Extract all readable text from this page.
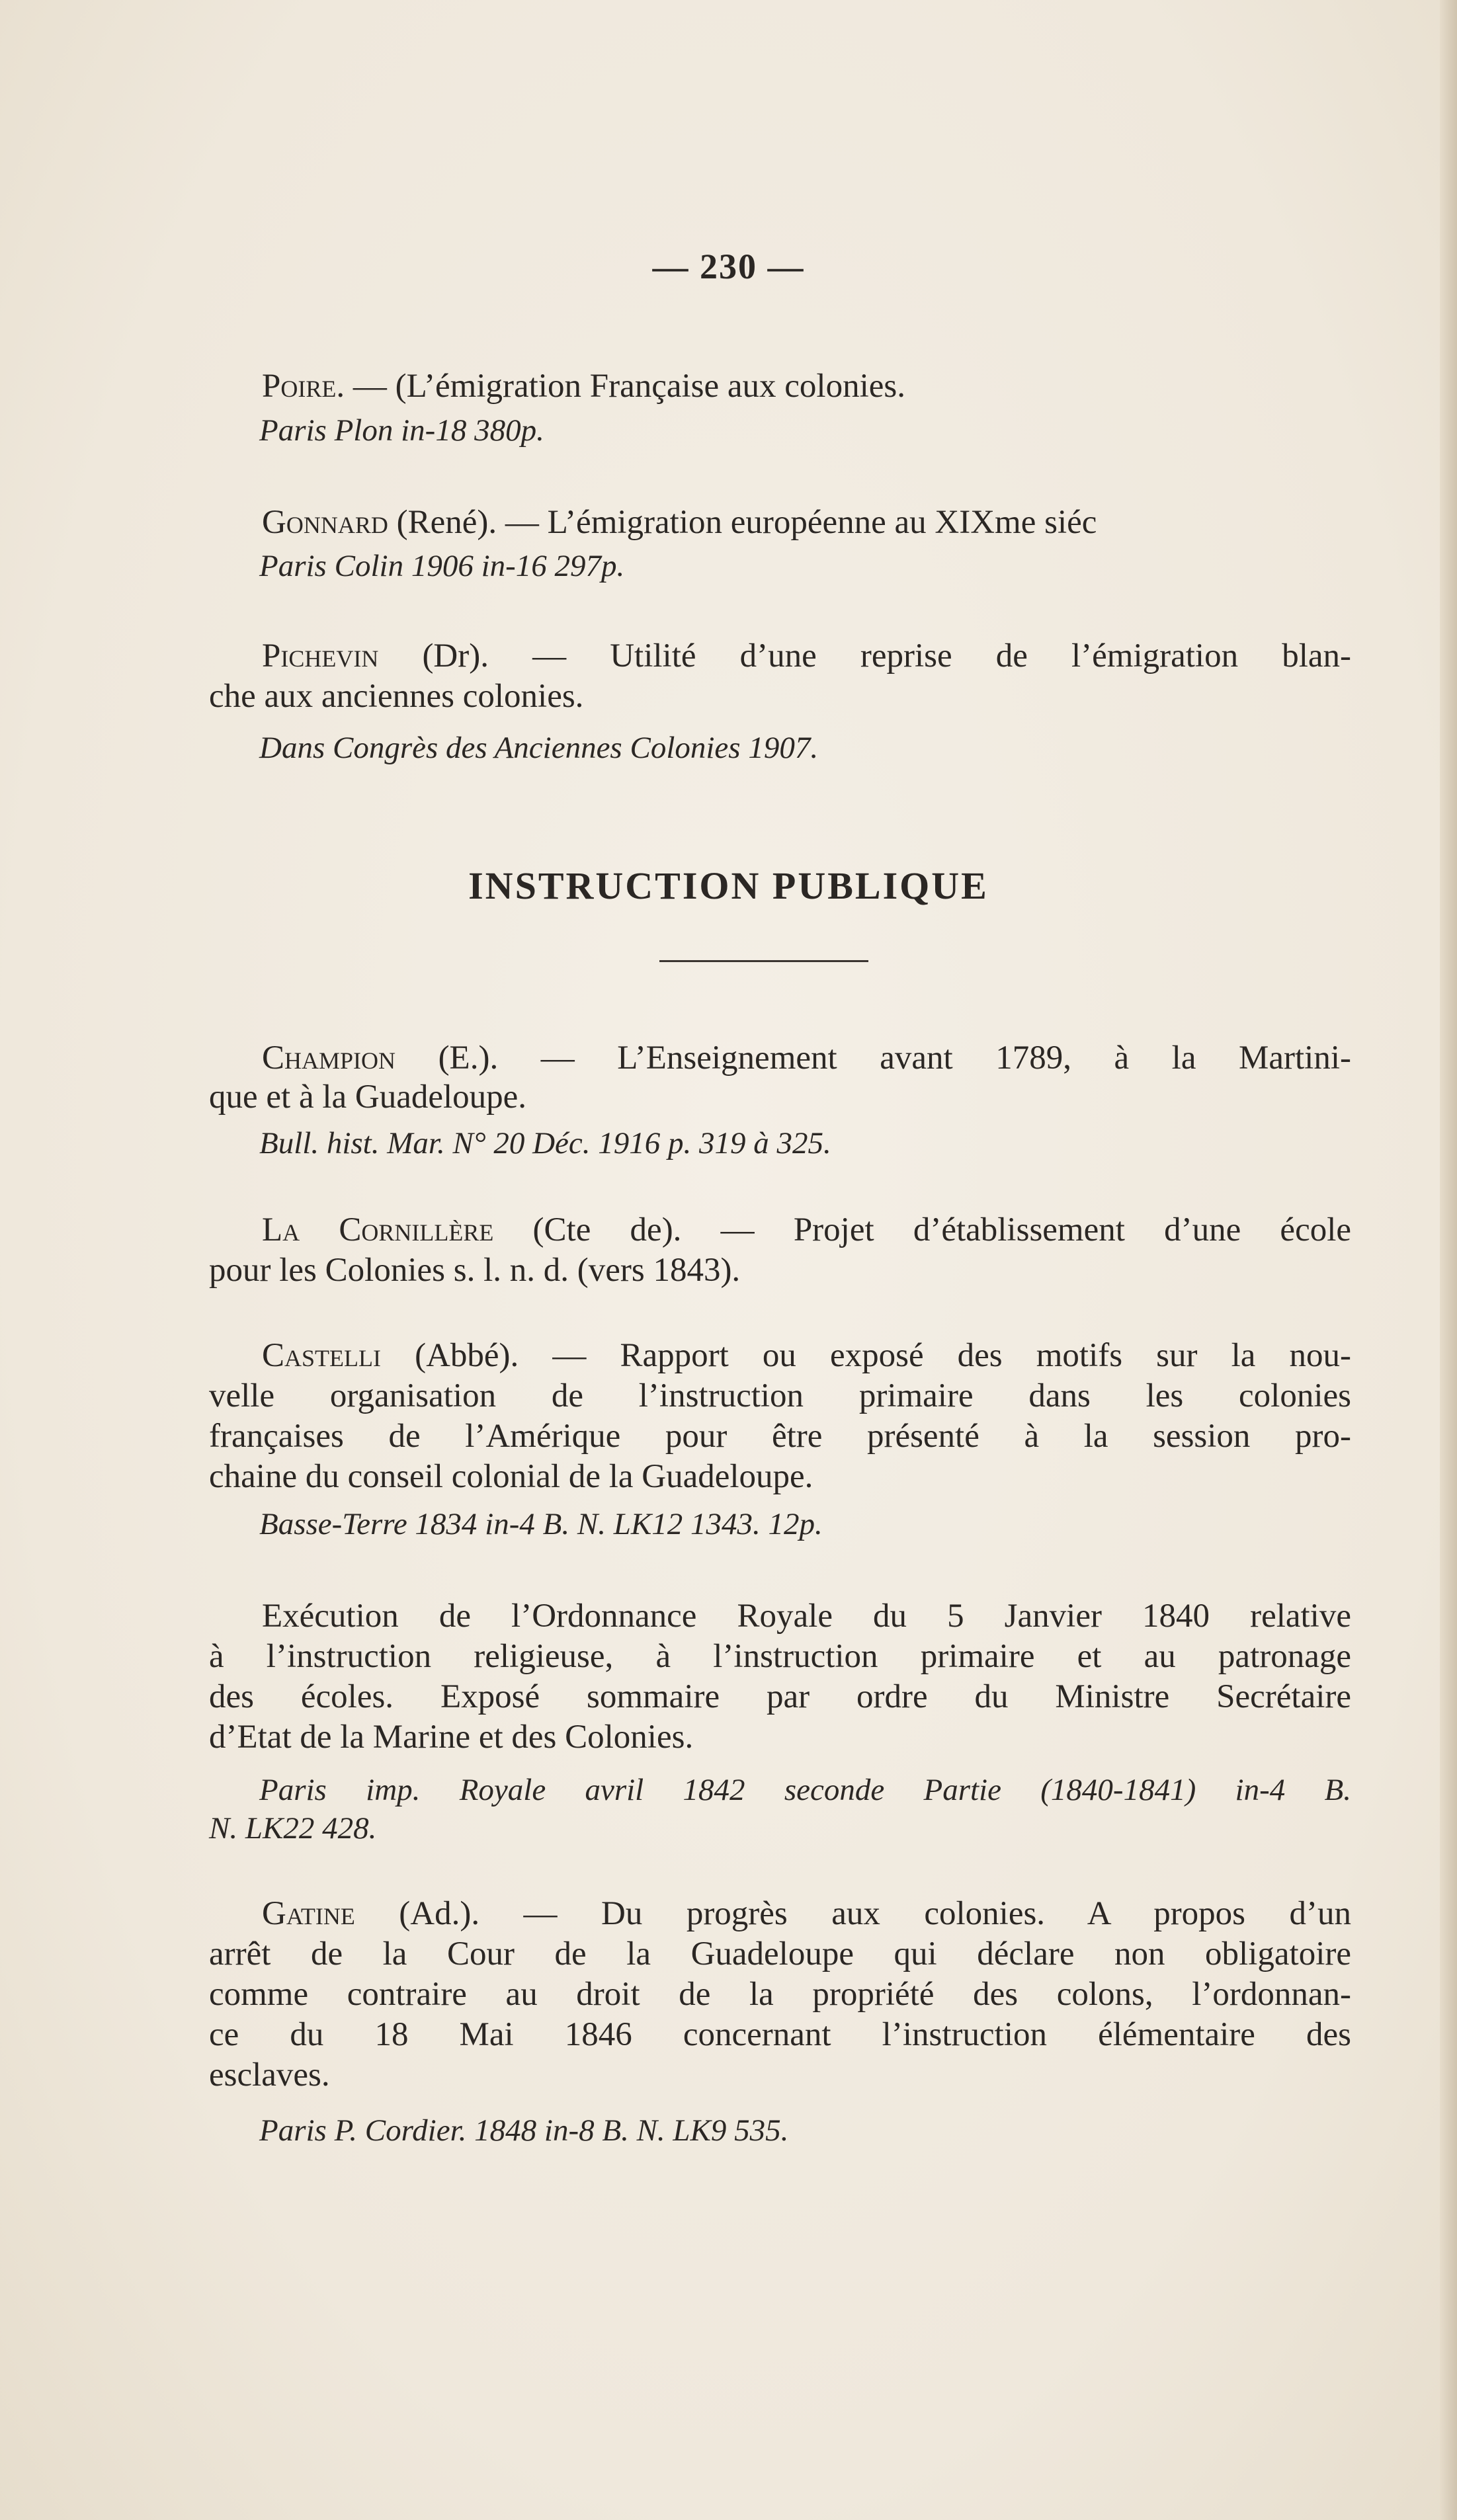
— 230 —
INSTRUCTION PUBLIQUE
Poire. — (L’émigration Française aux colonies.
Paris Plon in-18 380p.
Gonnard (René). — L’émigration européenne au XIXme siéc
Paris Colin 1906 in-16 297p.
Pichevin (Dr). — Utilité d’une reprise de l’émigration blan-
che aux anciennes colonies.
Dans Congrès des Anciennes Colonies 1907.
Champion (E.). — L’Enseignement avant 1789, à la Martini-
que et à la Guadeloupe.
Bull. hist. Mar. N° 20 Déc. 1916 p. 319 à 325.
La Cornillère (Cte de). — Projet d’établissement d’une école
pour les Colonies s. l. n. d. (vers 1843).
Castelli (Abbé). — Rapport ou exposé des motifs sur la nou-
velle organisation de l’instruction primaire dans les colonies
françaises de l’Amérique pour être présenté à la session pro-
chaine du conseil colonial de la Guadeloupe.
Basse-Terre 1834 in-4 B. N. LK12 1343. 12p.
Exécution de l’Ordonnance Royale du 5 Janvier 1840 relative
à l’instruction religieuse, à l’instruction primaire et au patronage
des écoles. Exposé sommaire par ordre du Ministre Secrétaire
d’Etat de la Marine et des Colonies.
Paris imp. Royale avril 1842 seconde Partie (1840-1841) in-4 B.
N. LK22 428.
Gatine (Ad.). — Du progrès aux colonies. A propos d’un
arrêt de la Cour de la Guadeloupe qui déclare non obligatoire
comme contraire au droit de la propriété des colons, l’ordonnan-
ce du 18 Mai 1846 concernant l’instruction élémentaire des
esclaves.
Paris P. Cordier. 1848 in-8 B. N. LK9 535.
